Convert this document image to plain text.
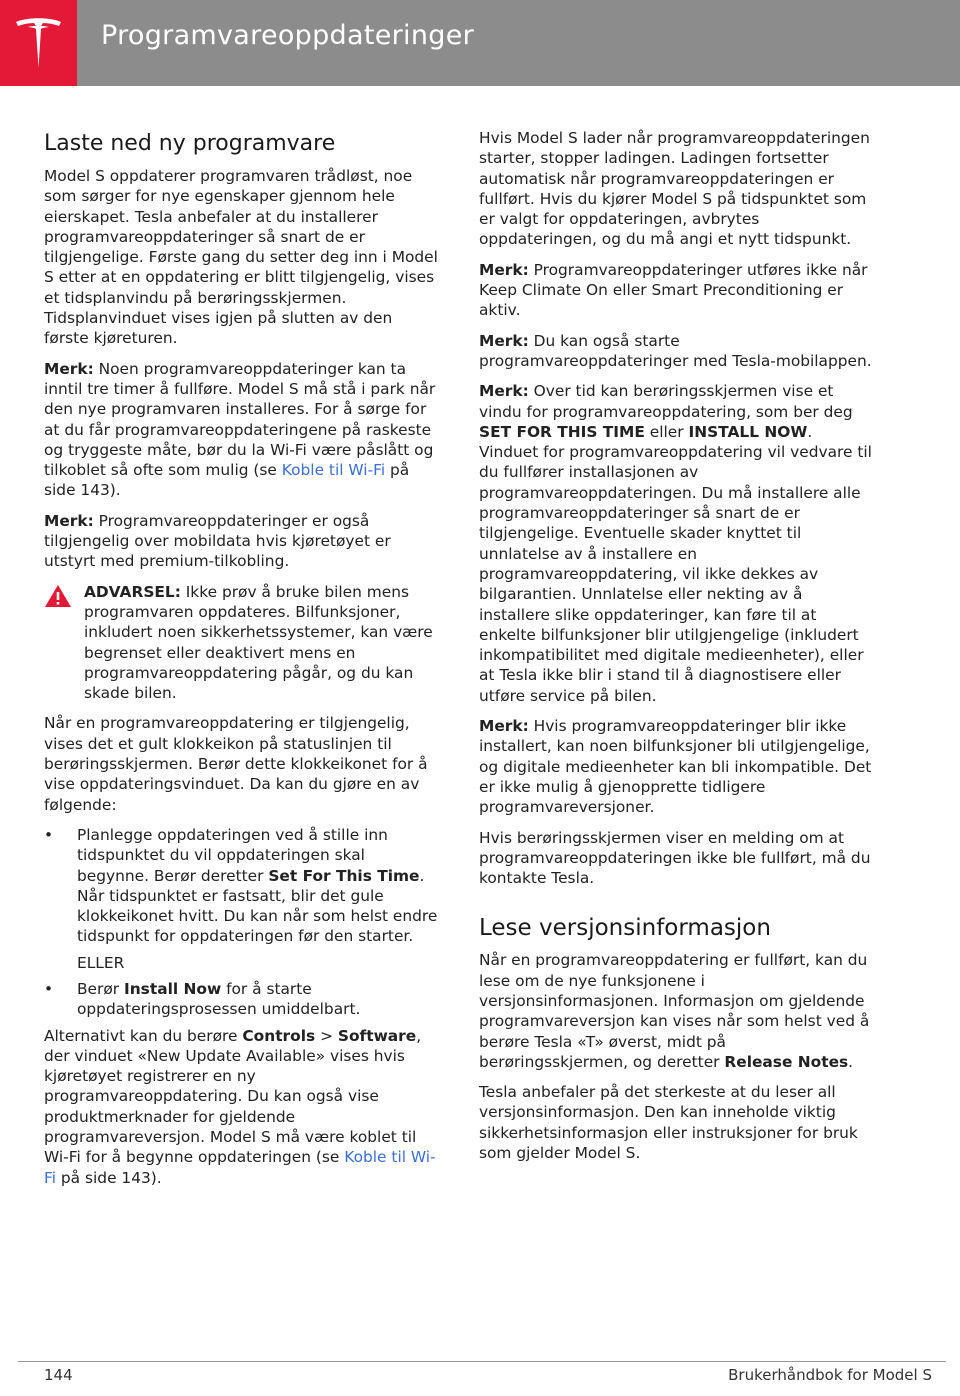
Programvareoppdateringer
Laste ned ny programvare

Model S oppdaterer programvaren trådløst, noe som sørger for nye egenskaper gjennom hele eierskapet. Tesla anbefaler at du installerer programvareoppdateringer så snart de er tilgjengelige. Første gang du setter deg inn i Model S etter at en oppdatering er blitt tilgjengelig, vises et tidsplanvindu på berøringsskjermen. Tidsplanvinduet vises igjen på slutten av den første kjøreturen.

Merk: Noen programvareoppdateringer kan ta inntil tre timer å fullføre. Model S må stå i park når den nye programvaren installeres. For å sørge for at du får programvareoppdateringene på raskeste og tryggeste måte, bør du la Wi-Fi være påslått og tilkoblet så ofte som mulig (se Koble til Wi-Fi på side 143).

Merk: Programvareoppdateringer er også tilgjengelig over mobildata hvis kjøretøyet er utstyrt med premium-tilkobling.

ADVARSEL: Ikke prøv å bruke bilen mens programvaren oppdateres. Bilfunksjoner, inkludert noen sikkerhetssystemer, kan være begrenset eller deaktivert mens en programvareoppdatering pågår, og du kan skade bilen.

Når en programvareoppdatering er tilgjengelig, vises det et gult klokkeikon på statuslinjen til berøringsskjermen. Berør dette klokkeikonet for å vise oppdateringsvinduet. Da kan du gjøre en av følgende:

• Planlegge oppdateringen ved å stille inn tidspunktet du vil oppdateringen skal begynne. Berør deretter Set For This Time. Når tidspunktet er fastsatt, blir det gule klokkeikonet hvitt. Du kan når som helst endre tidspunkt for oppdateringen før den starter.
ELLER
• Berør Install Now for å starte oppdateringsprosessen umiddelbart.

Alternativt kan du berøre Controls > Software, der vinduet «New Update Available» vises hvis kjøretøyet registrerer en ny programvareoppdatering. Du kan også vise produktmerknader for gjeldende programvareversjon. Model S må være koblet til Wi-Fi for å begynne oppdateringen (se Koble til Wi-Fi på side 143).

Hvis Model S lader når programvareoppdateringen starter, stopper ladingen. Ladingen fortsetter automatisk når programvareoppdateringen er fullført. Hvis du kjører Model S på tidspunktet som er valgt for oppdateringen, avbrytes oppdateringen, og du må angi et nytt tidspunkt.

Merk: Programvareoppdateringer utføres ikke når Keep Climate On eller Smart Preconditioning er aktiv.

Merk: Du kan også starte programvareoppdateringer med Tesla-mobilappen.

Merk: Over tid kan berøringsskjermen vise et vindu for programvareoppdatering, som ber deg SET FOR THIS TIME eller INSTALL NOW. Vinduet for programvareoppdatering vil vedvare til du fullfører installasjonen av programvareoppdateringen. Du må installere alle programvareoppdateringer så snart de er tilgjengelige. Eventuelle skader knyttet til unnlatelse av å installere en programvareoppdatering, vil ikke dekkes av bilgarantien. Unnlatelse eller nekting av å installere slike oppdateringer, kan føre til at enkelte bilfunksjoner blir utilgjengelige (inkludert inkompatibilitet med digitale medieenheter), eller at Tesla ikke blir i stand til å diagnostisere eller utføre service på bilen.

Merk: Hvis programvareoppdateringer blir ikke installert, kan noen bilfunksjoner bli utilgjengelige, og digitale medieenheter kan bli inkompatible. Det er ikke mulig å gjenopprette tidligere programvareversjoner.

Hvis berøringsskjermen viser en melding om at programvareoppdateringen ikke ble fullført, må du kontakte Tesla.

Lese versjonsinformasjon

Når en programvareoppdatering er fullført, kan du lese om de nye funksjonene i versjonsinformasjonen. Informasjon om gjeldende programvareversjon kan vises når som helst ved å berøre Tesla «T» øverst, midt på berøringsskjermen, og deretter Release Notes.

Tesla anbefaler på det sterkeste at du leser all versjonsinformasjon. Den kan inneholde viktig sikkerhetsinformasjon eller instruksjoner for bruk som gjelder Model S.

144	Brukerhåndbok for Model S
